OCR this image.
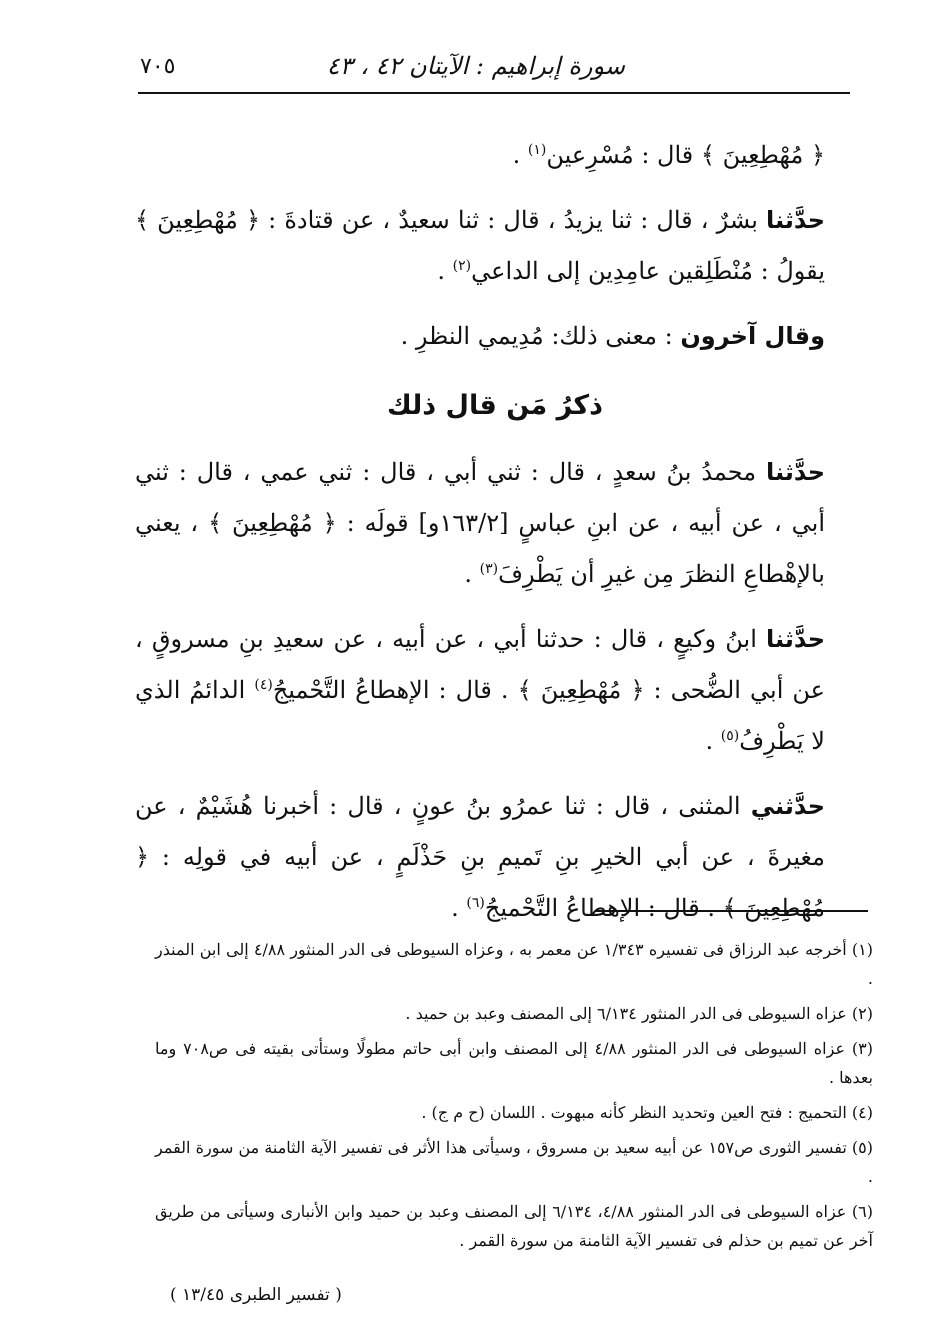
سورة إبراهيم : الآيتان ٤٢ ، ٤٣
٧٠٥

﴿ مُهْطِعِينَ ﴾ قال : مُسْرِعين$^{(١)}$ .

حدَّثنا بشرٌ ، قال : ثنا يزيدُ ، قال : ثنا سعيدٌ ، عن قتادةَ : ﴿ مُهْطِعِينَ ﴾ يقولُ : مُنْطَلِقين عامِدِين إلى الداعي$^{(٢)}$ .

وقال آخرون : معنى ذلك: مُدِيمي النظرِ .

ذكرُ مَن قال ذلك

حدَّثنا محمدُ بنُ سعدٍ ، قال : ثني أبي ، قال : ثني عمي ، قال : ثني أبي ، عن أبيه ، عن ابنِ عباسٍ [١٦٣/٢و] قولَه : ﴿ مُهْطِعِينَ ﴾ ، يعني بالإهْطاعِ النظرَ مِن غيرِ أن يَطْرِفَ$^{(٣)}$ .

حدَّثنا ابنُ وكيعٍ ، قال : حدثنا أبي ، عن أبيه ، عن سعيدِ بنِ مسروقٍ ، عن أبي الضُّحى : ﴿ مُهْطِعِينَ ﴾ . قال : الإهطاعُ التَّحْميجُ$^{(٤)}$ الدائمُ الذي لا يَطْرِفُ$^{(٥)}$ .

حدَّثني المثنى ، قال : ثنا عمرُو بنُ عونٍ ، قال : أخبرنا هُشَيْمٌ ، عن مغيرةَ ، عن أبي الخيرِ بنِ تَميمِ بنِ حَذْلَمٍ ، عن أبيه في قولِه : ﴿ مُهْطِعِينَ ﴾ . قال : الإهطاعُ التَّحْميجُ$^{(٦)}$ .

(١) أخرجه عبد الرزاق فى تفسيره ١/٣٤٣ عن معمر به ، وعزاه السيوطى فى الدر المنثور ٤/٨٨ إلى ابن المنذر .

(٢) عزاه السيوطى فى الدر المنثور ٦/١٣٤ إلى المصنف وعبد بن حميد .

(٣) عزاه السيوطى فى الدر المنثور ٤/٨٨ إلى المصنف وابن أبى حاتم مطولًا وستأتى بقيته فى ص٧٠٨ وما بعدها .

(٤) التحميج : فتح العين وتحديد النظر كأنه مبهوت . اللسان (ح م ج) .

(٥) تفسير الثورى ص١٥٧ عن أبيه سعيد بن مسروق ، وسيأتى هذا الأثر فى تفسير الآية الثامنة من سورة القمر .

(٦) عزاه السيوطى فى الدر المنثور ٤/٨٨، ٦/١٣٤ إلى المصنف وعبد بن حميد وابن الأنبارى وسيأتى من طريق آخر عن تميم بن حذلم فى تفسير الآية الثامنة من سورة القمر .

( تفسير الطبرى ١٣/٤٥ )
